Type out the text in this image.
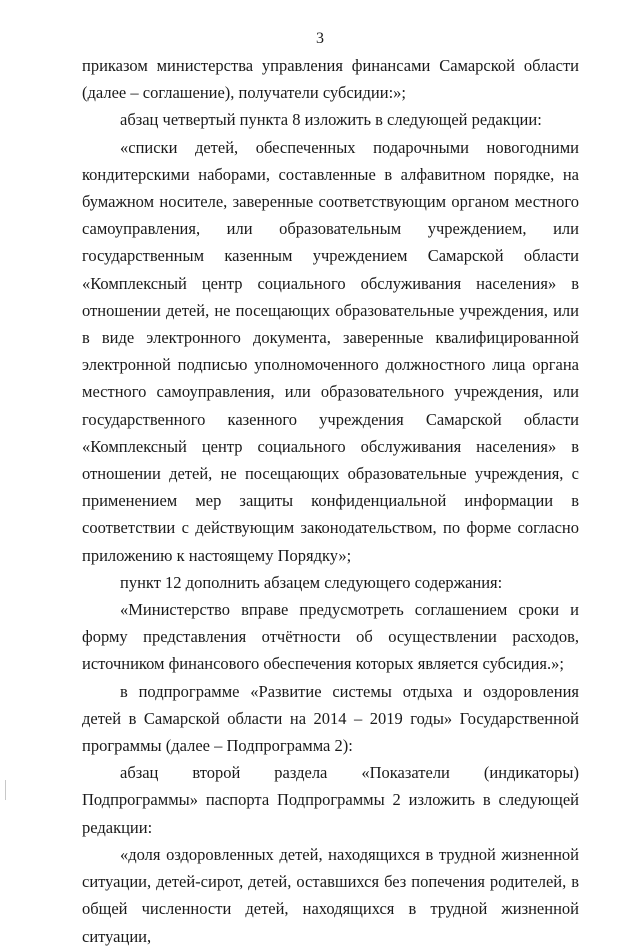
3

приказом министерства управления финансами Самарской области (далее – соглашение), получатели субсидии:»;

абзац четвертый пункта 8 изложить в следующей редакции:

«списки детей, обеспеченных подарочными новогодними кондитерскими наборами, составленные в алфавитном порядке, на бумажном носителе, заверенные соответствующим органом местного самоуправления, или образовательным учреждением, или государственным казенным учреждением Самарской области «Комплексный центр социального обслуживания населения» в отношении детей, не посещающих образовательные учреждения, или в виде электронного документа, заверенные квалифицированной электронной подписью уполномоченного должностного лица органа местного самоуправления, или образовательного учреждения, или государственного казенного учреждения Самарской области «Комплексный центр социального обслуживания населения» в отношении детей, не посещающих образовательные учреждения, с применением мер защиты конфиденциальной информации в соответствии с действующим законодательством, по форме согласно приложению к настоящему Порядку»;

пункт 12 дополнить абзацем следующего содержания:

«Министерство вправе предусмотреть соглашением сроки и форму представления отчётности об осуществлении расходов, источником финансового обеспечения которых является субсидия.»;

в подпрограмме «Развитие системы отдыха и оздоровления детей в Самарской области на 2014 – 2019 годы» Государственной программы (далее – Подпрограмма 2):

абзац второй раздела «Показатели (индикаторы) Подпрограммы» паспорта Подпрограммы 2 изложить в следующей редакции:

«доля оздоровленных детей, находящихся в трудной жизненной ситуации, детей-сирот, детей, оставшихся без попечения родителей, в общей численности детей, находящихся в трудной жизненной ситуации,
